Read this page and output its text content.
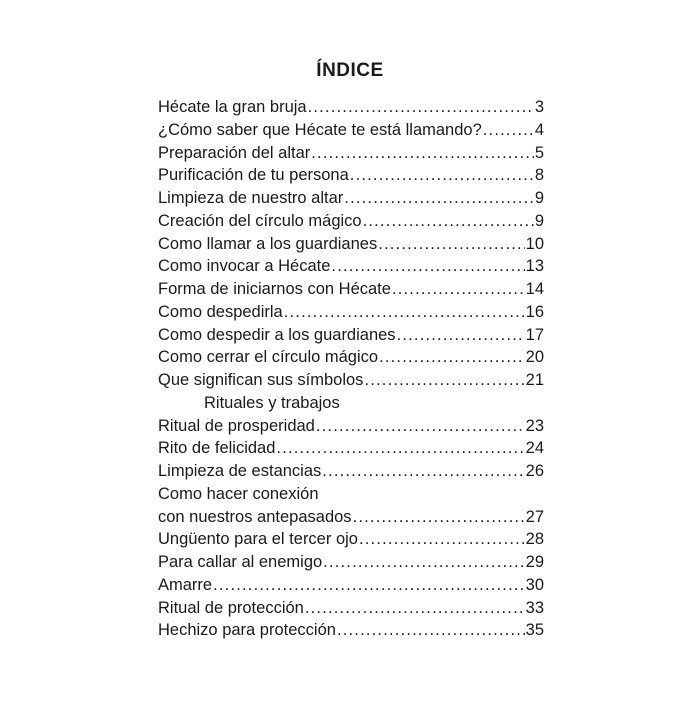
ÍNDICE
Hécate la gran bruja .....	3
¿Cómo saber que Hécate te está llamando? .....	4
Preparación del altar .....	5
Purificación de tu persona .....	8
Limpieza de nuestro altar .....	9
Creación del círculo mágico .....	9
Como llamar a los guardianes .....	10
Como invocar a Hécate .....	13
Forma de iniciarnos con Hécate .....	14
Como despedirla .....	16
Como despedir a los guardianes .....	17
Como cerrar el círculo mágico .....	20
Que significan sus símbolos .....	21
Rituales y trabajos
Ritual de prosperidad .....	23
Rito de felicidad .....	24
Limpieza de estancias .....	26
Como hacer conexión
con nuestros antepasados .....	27
Ungüento para el tercer ojo .....	28
Para callar al enemigo .....	29
Amarre .....	30
Ritual de protección .....	33
Hechizo para protección .....	35
